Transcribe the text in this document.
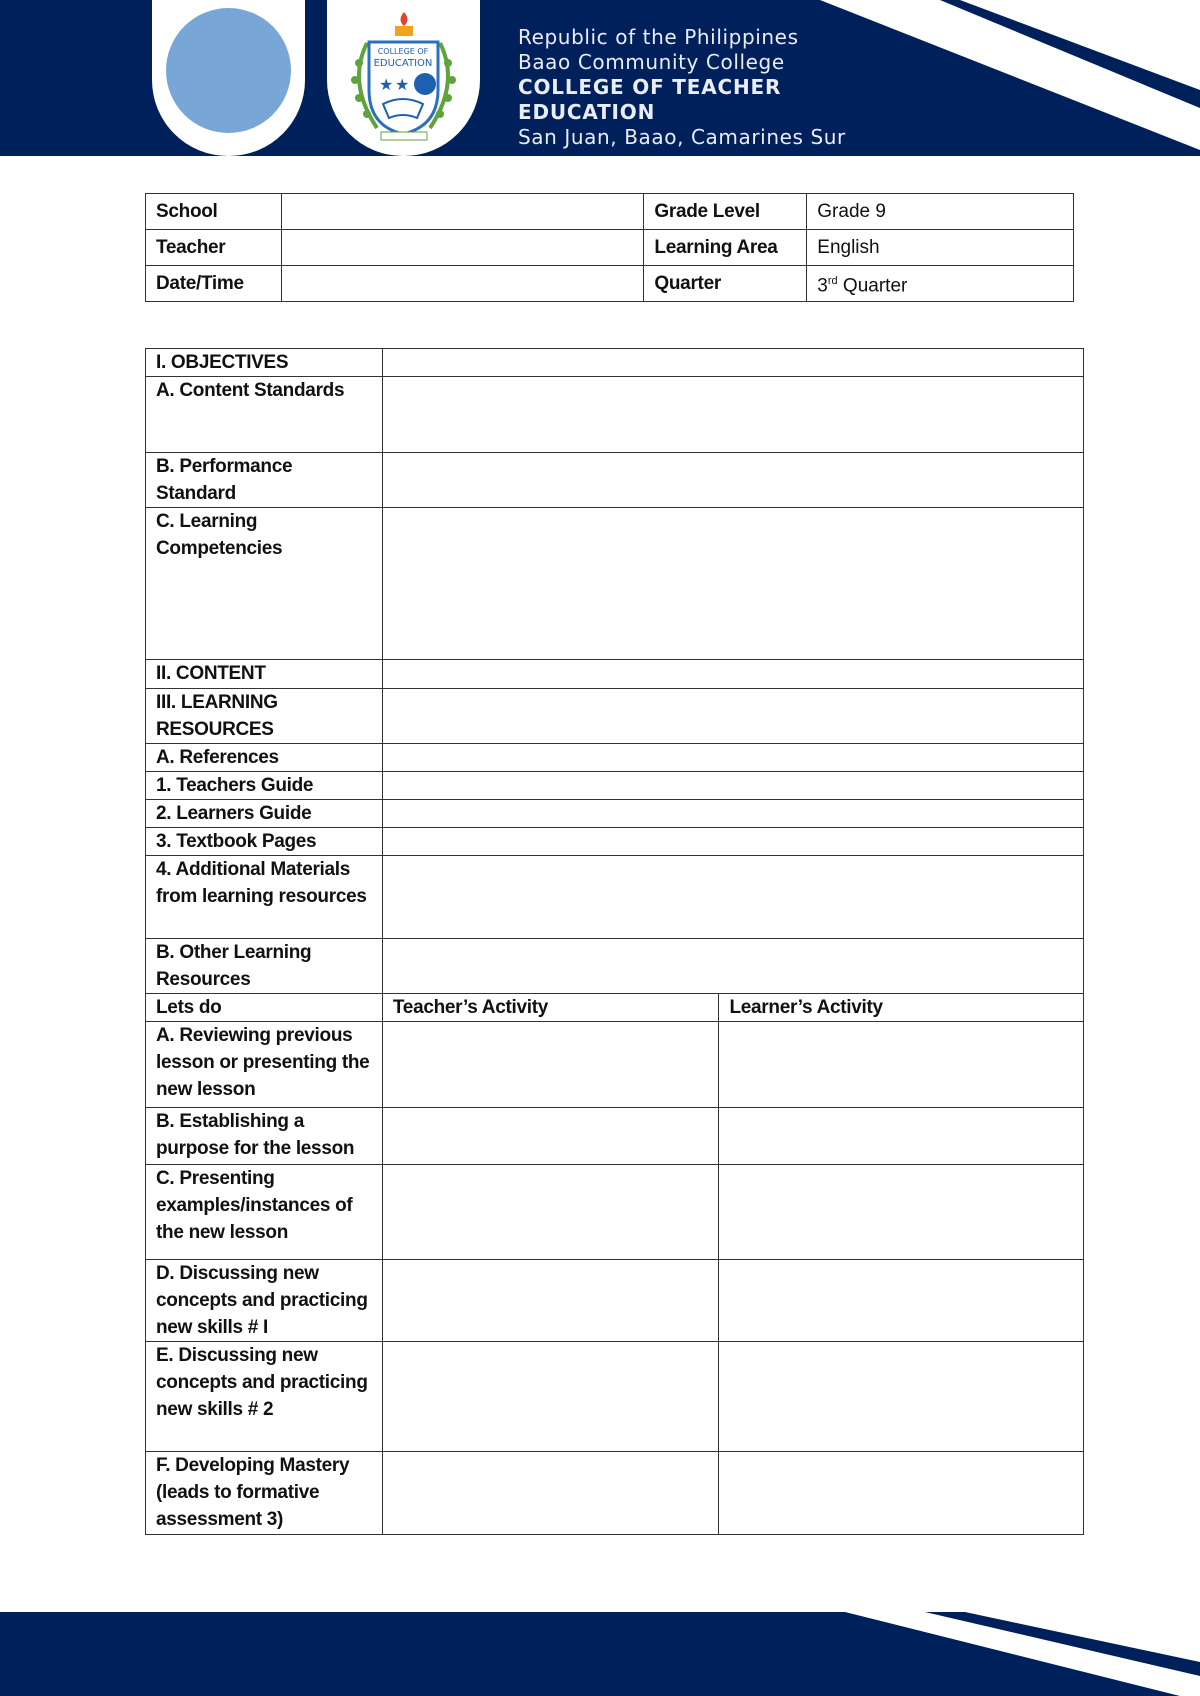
COLLEGE OF
EDUCATION
★ ★
Republic of the Philippines
Baao Community College
COLLEGE OF TEACHER
EDUCATION
San Juan, Baao, Camarines Sur
School		Grade Level	Grade 9
Teacher		Learning Area	English
Date/Time		Quarter	3rd Quarter
I. OBJECTIVES		
A. Content Standards		
B. Performance Standard		
C. Learning Competencies		
II. CONTENT		
III. LEARNING RESOURCES		
A. References		
1. Teachers Guide		
2. Learners Guide		
3. Textbook Pages		
4. Additional Materials from learning resources		
B. Other Learning Resources		
Lets do	Teacher’s Activity	Learner’s Activity
A. Reviewing previous lesson or presenting the new lesson		
B. Establishing a purpose for the lesson		
C. Presenting examples/instances of the new lesson		
D. Discussing new concepts and practicing new skills # I		
E. Discussing new concepts and practicing new skills # 2		
F. Developing Mastery (leads to formative assessment 3)		
